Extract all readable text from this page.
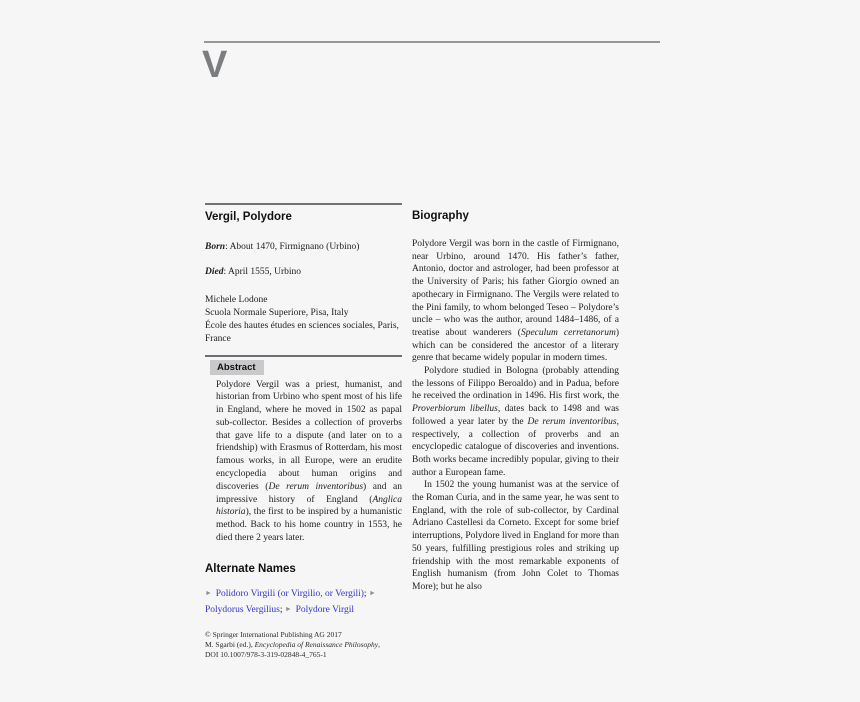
V
Vergil, Polydore

Born: About 1470, Firmignano (Urbino)

Died: April 1555, Urbino

Michele Lodone
Scuola Normale Superiore, Pisa, Italy
École des hautes études en sciences sociales, Paris, France
Abstract

Polydore Vergil was a priest, humanist, and historian from Urbino who spent most of his life in England, where he moved in 1502 as papal sub-collector. Besides a collection of proverbs that gave life to a dispute (and later on to a friendship) with Erasmus of Rotterdam, his most famous works, in all Europe, were an erudite encyclopedia about human origins and discoveries (De rerum inventoribus) and an impressive history of England (Anglica historia), the first to be inspired by a humanistic method. Back to his home country in 1553, he died there 2 years later.

Alternate Names

► Polidoro Virgili (or Virgilio, or Vergili); ► Polydorus Vergilius; ► Polydore Virgil

© Springer International Publishing AG 2017
M. Sgarbi (ed.), Encyclopedia of Renaissance Philosophy,
DOI 10.1007/978-3-319-02848-4_765-1
Biography

Polydore Vergil was born in the castle of Firmignano, near Urbino, around 1470. His father’s father, Antonio, doctor and astrologer, had been professor at the University of Paris; his father Giorgio owned an apothecary in Firmignano. The Vergils were related to the Pini family, to whom belonged Teseo – Polydore’s uncle – who was the author, around 1484–1486, of a treatise about wanderers (Speculum cerretanorum) which can be considered the ancestor of a literary genre that became widely popular in modern times.

Polydore studied in Bologna (probably attending the lessons of Filippo Beroaldo) and in Padua, before he received the ordination in 1496. His first work, the Proverbiorum libellus, dates back to 1498 and was followed a year later by the De rerum inventoribus, respectively, a collection of proverbs and an encyclopedic catalogue of discoveries and inventions. Both works became incredibly popular, giving to their author a European fame.

In 1502 the young humanist was at the service of the Roman Curia, and in the same year, he was sent to England, with the role of sub-collector, by Cardinal Adriano Castellesi da Corneto. Except for some brief interruptions, Polydore lived in England for more than 50 years, fulfilling prestigious roles and striking up friendship with the most remarkable exponents of English humanism (from John Colet to Thomas More); but he also
